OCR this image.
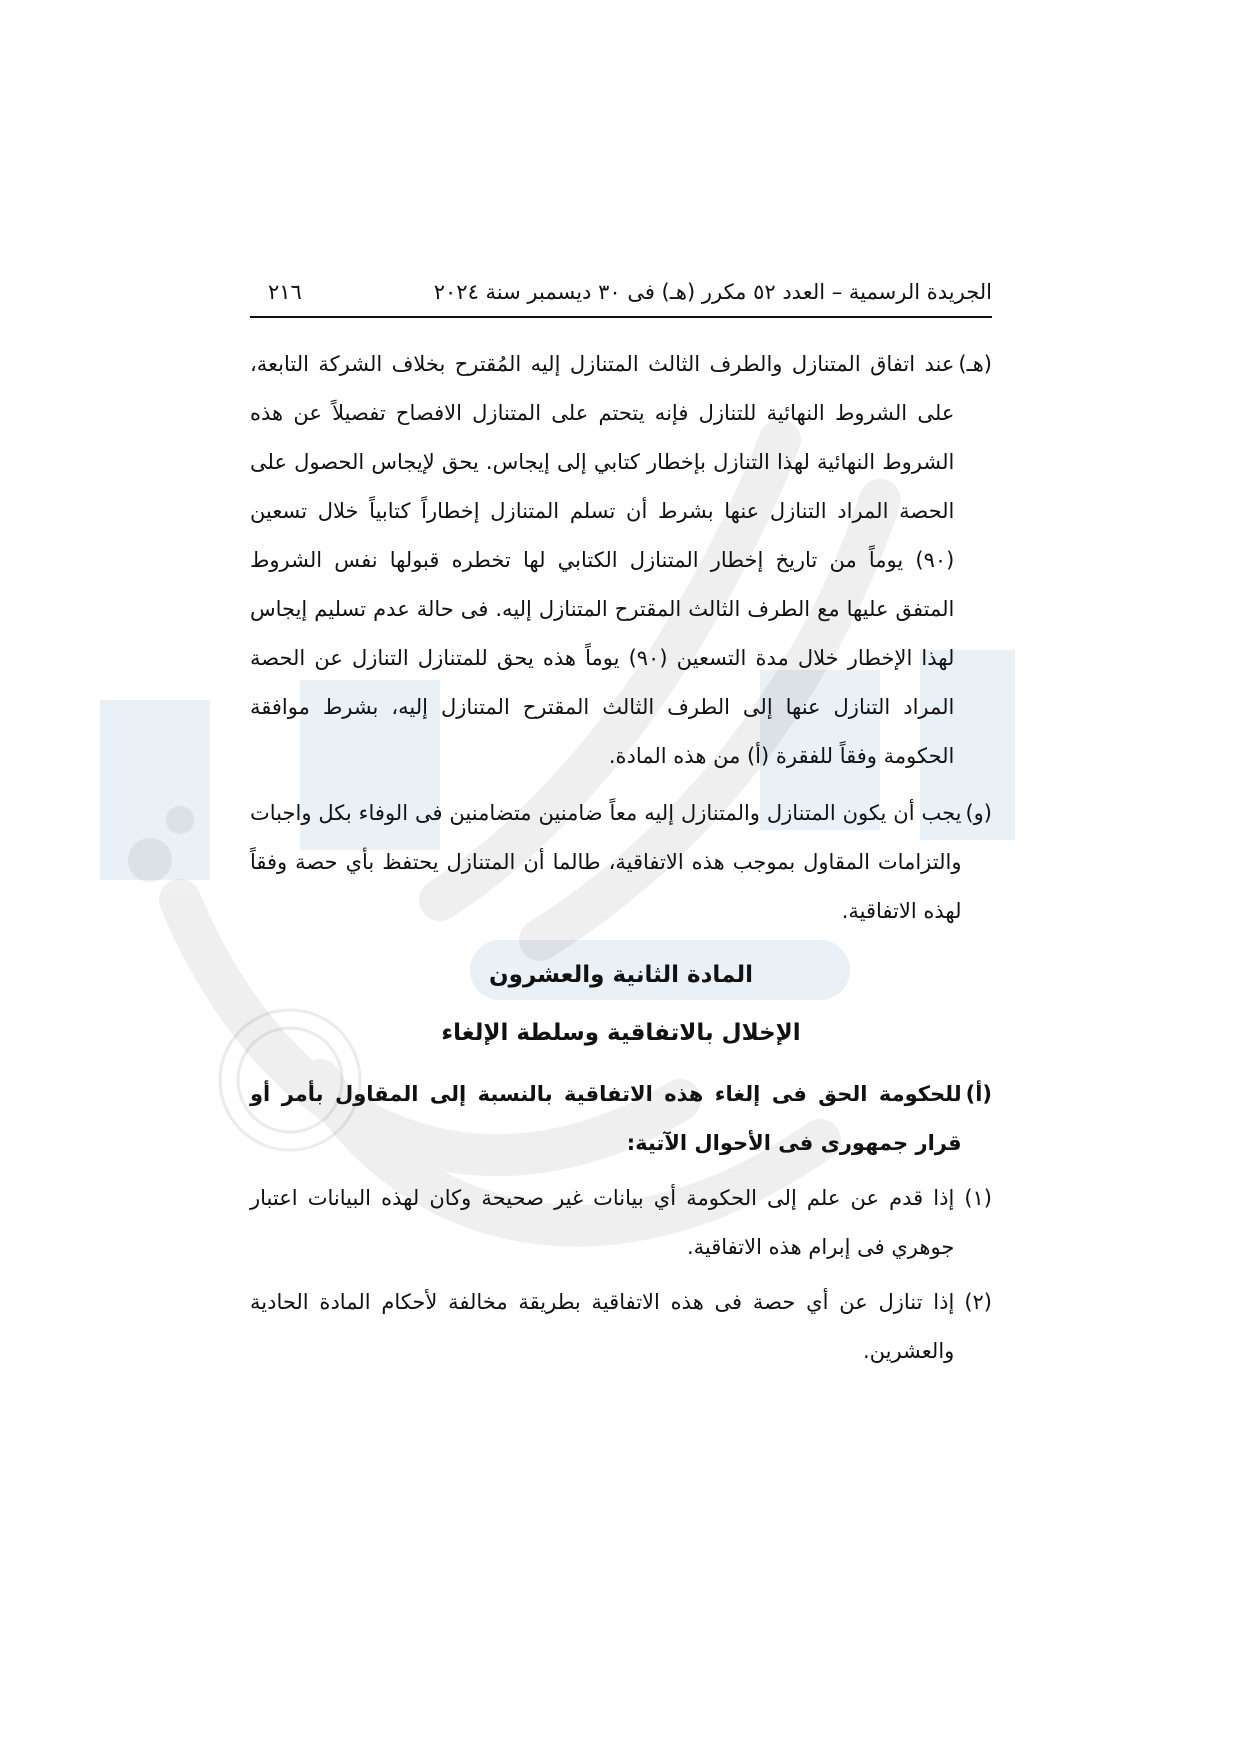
الجريدة الرسمية – العدد ٥٢ مكرر (هـ) فى ٣٠ ديسمبر سنة ٢٠٢٤
٢١٦
(هـ)
عند اتفاق المتنازل والطرف الثالث المتنازل إليه المُقترح بخلاف الشركة التابعة، على الشروط النهائية للتنازل فإنه يتحتم على المتنازل الافصاح تفصيلاً عن هذه الشروط النهائية لهذا التنازل بإخطار كتابي إلى إيجاس. يحق لإيجاس الحصول على الحصة المراد التنازل عنها بشرط أن تسلم المتنازل إخطاراً كتابياً خلال تسعين (٩٠) يوماً من تاريخ إخطار المتنازل الكتابي لها تخطره قبولها نفس الشروط المتفق عليها مع الطرف الثالث المقترح المتنازل إليه. فى حالة عدم تسليم إيجاس لهذا الإخطار خلال مدة التسعين (٩٠) يوماً هذه يحق للمتنازل التنازل عن الحصة المراد التنازل عنها إلى الطرف الثالث المقترح المتنازل إليه، بشرط موافقة الحكومة وفقاً للفقرة (أ) من هذه المادة.
(و)
يجب أن يكون المتنازل والمتنازل إليه معاً ضامنين متضامنين فى الوفاء بكل واجبات والتزامات المقاول بموجب هذه الاتفاقية، طالما أن المتنازل يحتفظ بأي حصة وفقاً لهذه الاتفاقية.
المادة الثانية والعشرون
الإخلال بالاتفاقية وسلطة الإلغاء
(أ)
للحكومة الحق فى إلغاء هذه الاتفاقية بالنسبة إلى المقاول بأمر أو قرار جمهورى فى الأحوال الآتية:
(١)
إذا قدم عن علم إلى الحكومة أي بيانات غير صحيحة وكان لهذه البيانات اعتبار جوهري فى إبرام هذه الاتفاقية.
(٢)
إذا تنازل عن أي حصة فى هذه الاتفاقية بطريقة مخالفة لأحكام المادة الحادية والعشرين.
